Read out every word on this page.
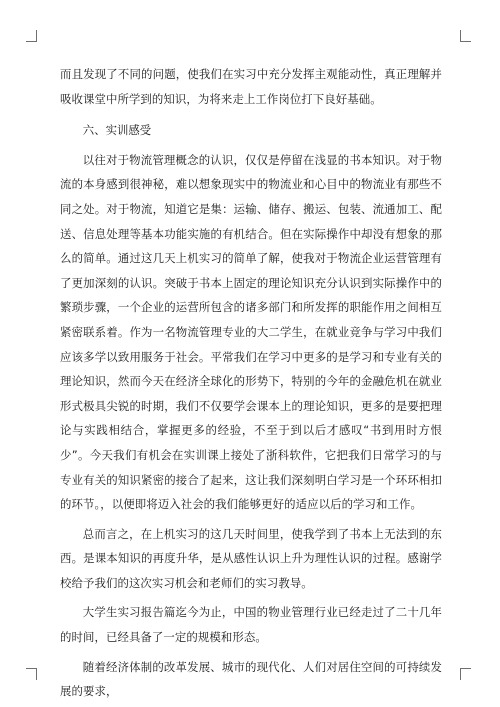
而且发现了不同的问题，使我们在实习中充分发挥主观能动性，真正理解并吸收课堂中所学到的知识，为将来走上工作岗位打下良好基础。

六、实训感受

以往对于物流管理概念的认识，仅仅是停留在浅显的书本知识。对于物流的本身感到很神秘，难以想象现实中的物流业和心目中的物流业有那些不同之处。对于物流，知道它是集：运输、储存、搬运、包装、流通加工、配送、信息处理等基本功能实施的有机结合。但在实际操作中却没有想象的那么的简单。通过这几天上机实习的简单了解，使我对于物流企业运营管理有了更加深刻的认识。突破于书本上固定的理论知识充分认识到实际操作中的繁琐步骤，一个企业的运营所包含的诸多部门和所发挥的职能作用之间相互紧密联系着。作为一名物流管理专业的大二学生，在就业竞争与学习中我们应该多学以致用服务于社会。平常我们在学习中更多的是学习和专业有关的理论知识，然而今天在经济全球化的形势下，特别的今年的金融危机在就业形式极具尖锐的时期，我们不仅要学会课本上的理论知识，更多的是要把理论与实践相结合，掌握更多的经验，不至于到以后才感叹“书到用时方恨少”。今天我们有机会在实训课上接处了浙科软件，它把我们日常学习的与专业有关的知识紧密的接合了起来，这让我们深刻明白学习是一个环环相扣的环节。，以便即将迈入社会的我们能够更好的适应以后的学习和工作。

总而言之，在上机实习的这几天时间里，使我学到了书本上无法到的东西。是课本知识的再度升华，是从感性认识上升为理性认识的过程。感谢学校给予我们的这次实习机会和老师们的实习教导。

大学生实习报告篇迄今为止，中国的物业管理行业已经走过了二十几年的时间，已经具备了一定的规模和形态。

随着经济体制的改革发展、城市的现代化、人们对居住空间的可持续发展的要求，
